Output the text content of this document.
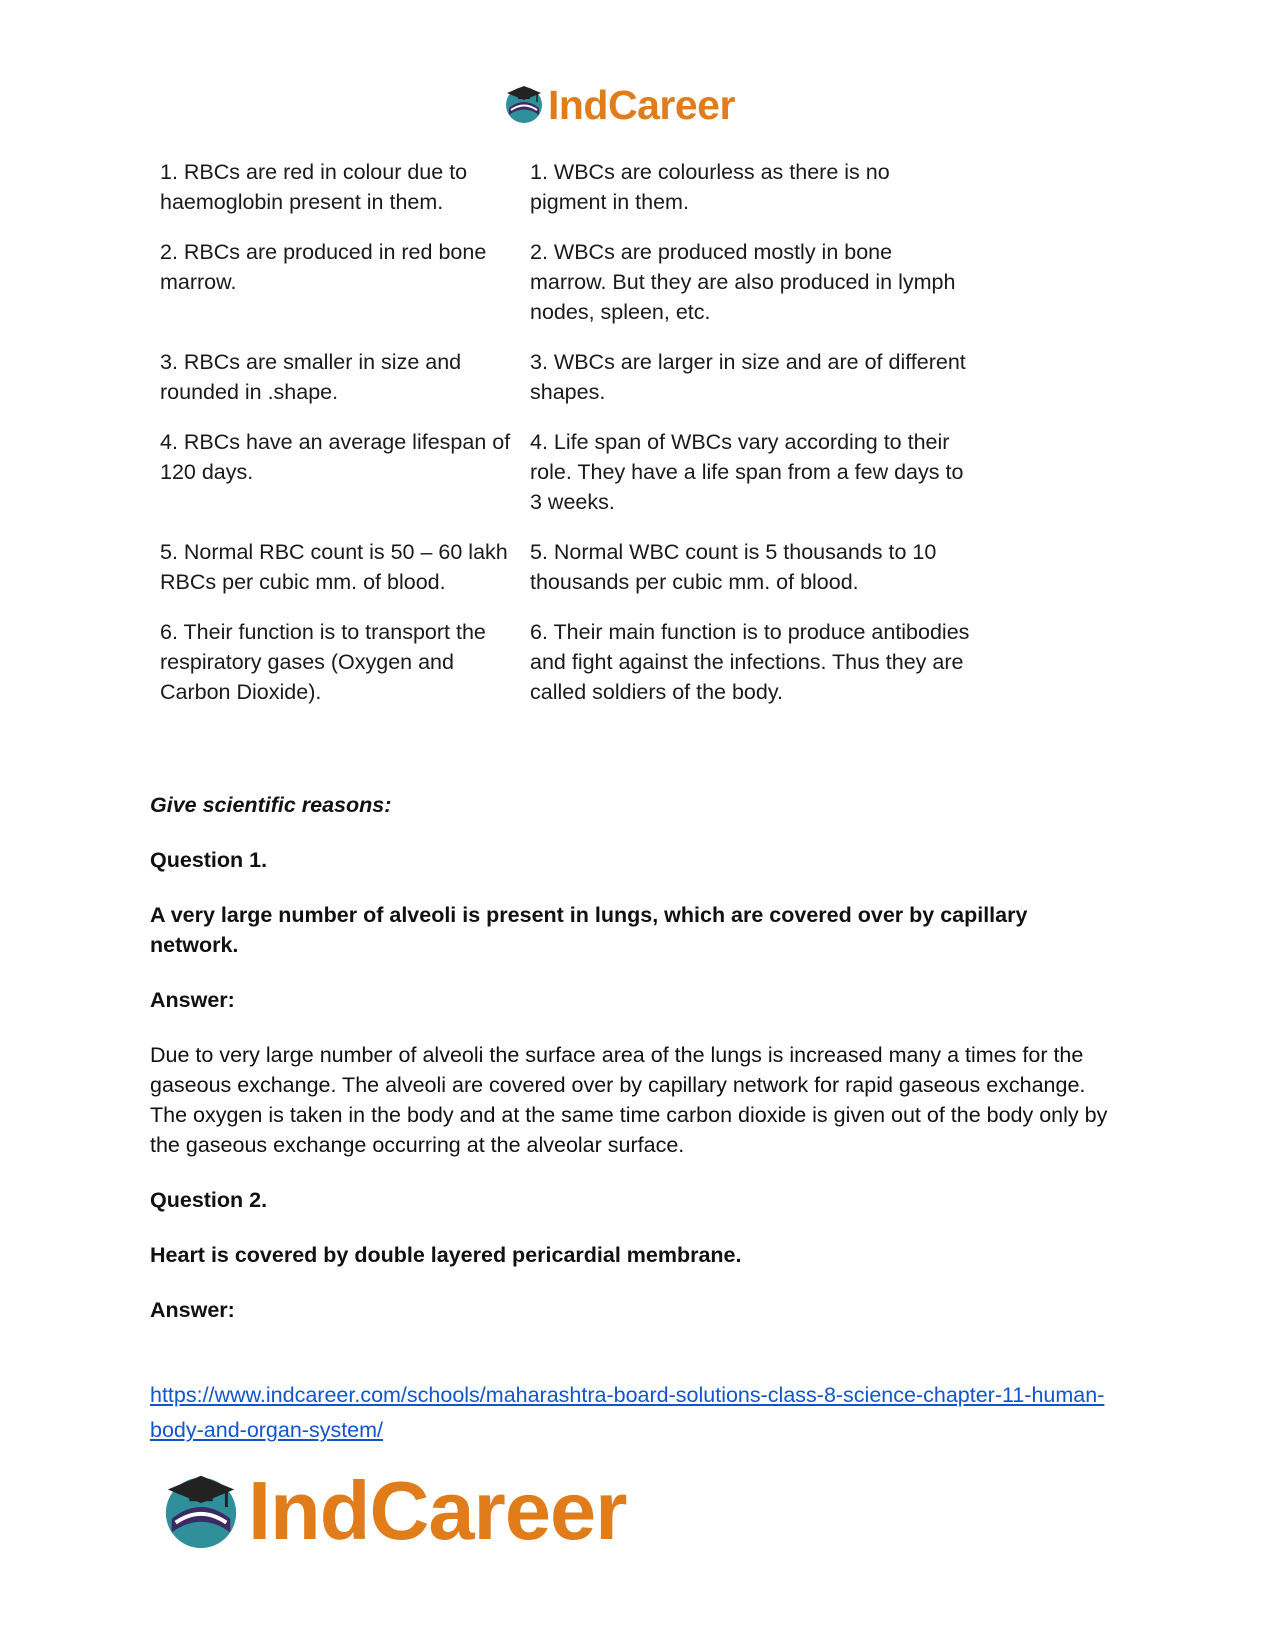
IndCareer
1. RBCs are red in colour due to haemoglobin present in them.
1. WBCs are colourless as there is no pigment in them.
2. RBCs are produced in red bone marrow.
2. WBCs are produced mostly in bone marrow. But they are also produced in lymph nodes, spleen, etc.
3. RBCs are smaller in size and rounded in .shape.
3. WBCs are larger in size and are of different shapes.
4. RBCs have an average lifespan of 120 days.
4. Life span of WBCs vary according to their role. They have a life span from a few days to 3 weeks.
5. Normal RBC count is 50 – 60 lakh RBCs per cubic mm. of blood.
5. Normal WBC count is 5 thousands to 10 thousands per cubic mm. of blood.
6. Their function is to transport the respiratory gases (Oxygen and Carbon Dioxide).
6. Their main function is to produce antibodies and fight against the infections. Thus they are called soldiers of the body.
Give scientific reasons:
Question 1.
A very large number of alveoli is present in lungs, which are covered over by capillary network.
Answer:
Due to very large number of alveoli the surface area of the lungs is increased many a times for the gaseous exchange. The alveoli are covered over by capillary network for rapid gaseous exchange. The oxygen is taken in the body and at the same time carbon dioxide is given out of the body only by the gaseous exchange occurring at the alveolar surface.
Question 2.
Heart is covered by double layered pericardial membrane.
Answer:
https://www.indcareer.com/schools/maharashtra-board-solutions-class-8-science-chapter-11-human-body-and-organ-system/
IndCareer
